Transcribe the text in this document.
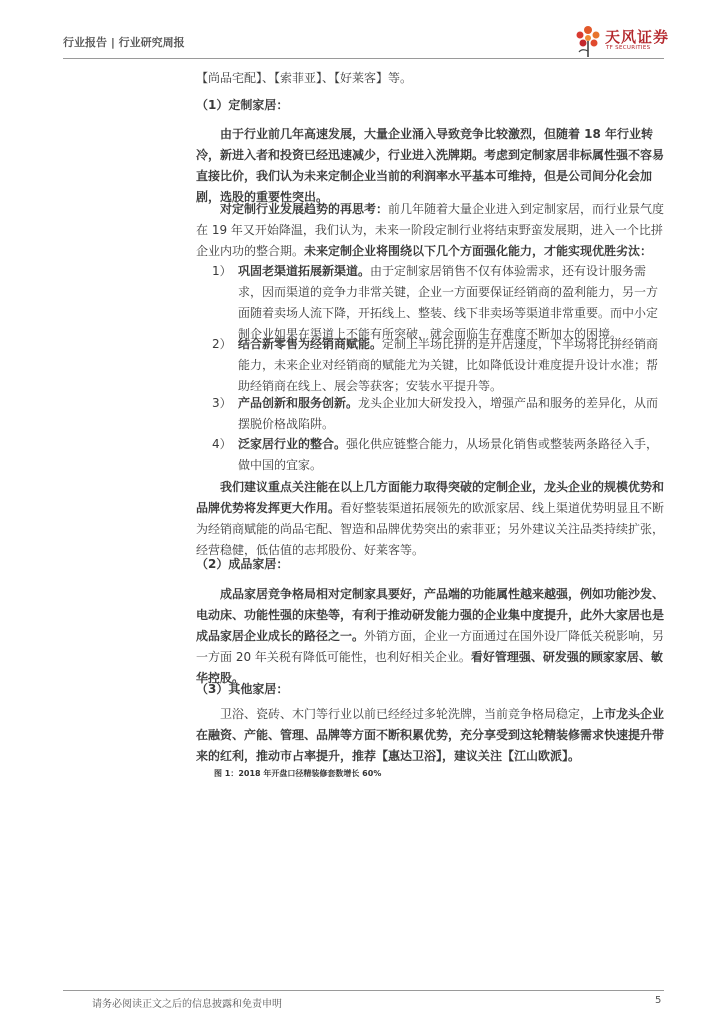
行业报告 | 行业研究周报	天风证券
TF SECURITIES
【尚品宅配】、【索菲亚】、【好莱客】等。
（1）定制家居：

由于行业前几年高速发展，大量企业涌入导致竞争比较激烈，但随着 18 年行业转冷，新进入者和投资已经迅速减少，行业进入洗牌期。考虑到定制家居非标属性强不容易直接比价，我们认为未来定制企业当前的利润率水平基本可维持，但是公司间分化会加剧，选股的重要性突出。

对定制行业发展趋势的再思考：前几年随着大量企业进入到定制家居，而行业景气度在 19 年又开始降温，我们认为，未来一阶段定制行业将结束野蛮发展期，进入一个比拼企业内功的整合期。未来定制企业将围绕以下几个方面强化能力，才能实现优胜劣汰：

1） 巩固老渠道拓展新渠道。由于定制家居销售不仅有体验需求，还有设计服务需求，因而渠道的竞争力非常关键，企业一方面要保证经销商的盈利能力，另一方面随着卖场人流下降，开拓线上、整装、线下非卖场等渠道非常重要。而中小定制企业如果在渠道上不能有所突破，就会面临生存难度不断加大的困境。
2） 结合新零售为经销商赋能。定制上半场比拼的是开店速度，下半场将比拼经销商能力，未来企业对经销商的赋能尤为关键，比如降低设计难度提升设计水准；帮助经销商在线上、展会等获客；安装水平提升等。
3） 产品创新和服务创新。龙头企业加大研发投入，增强产品和服务的差异化，从而摆脱价格战陷阱。
4） 泛家居行业的整合。强化供应链整合能力，从场景化销售或整装两条路径入手，做中国的宜家。

我们建议重点关注能在以上几方面能力取得突破的定制企业，龙头企业的规模优势和品牌优势将发挥更大作用。看好整装渠道拓展领先的欧派家居、线上渠道优势明显且不断为经销商赋能的尚品宅配、智造和品牌优势突出的索菲亚；另外建议关注品类持续扩张，经营稳健，低估值的志邦股份、好莱客等。

（2）成品家居：

成品家居竞争格局相对定制家具要好，产品端的功能属性越来越强，例如功能沙发、电动床、功能性强的床垫等，有利于推动研发能力强的企业集中度提升，此外大家居也是成品家居企业成长的路径之一。外销方面，企业一方面通过在国外设厂降低关税影响，另一方面 20 年关税有降低可能性，也利好相关企业。看好管理强、研发强的顾家家居、敏华控股。

（3）其他家居：

卫浴、瓷砖、木门等行业以前已经经过多轮洗牌，当前竞争格局稳定，上市龙头企业在融资、产能、管理、品牌等方面不断积累优势，充分享受到这轮精装修需求快速提升带来的红利，推动市占率提升，推荐【惠达卫浴】，建议关注【江山欧派】。

图 1：2018 年开盘口径精装修套数增长 60%
请务必阅读正文之后的信息披露和免责申明	5
